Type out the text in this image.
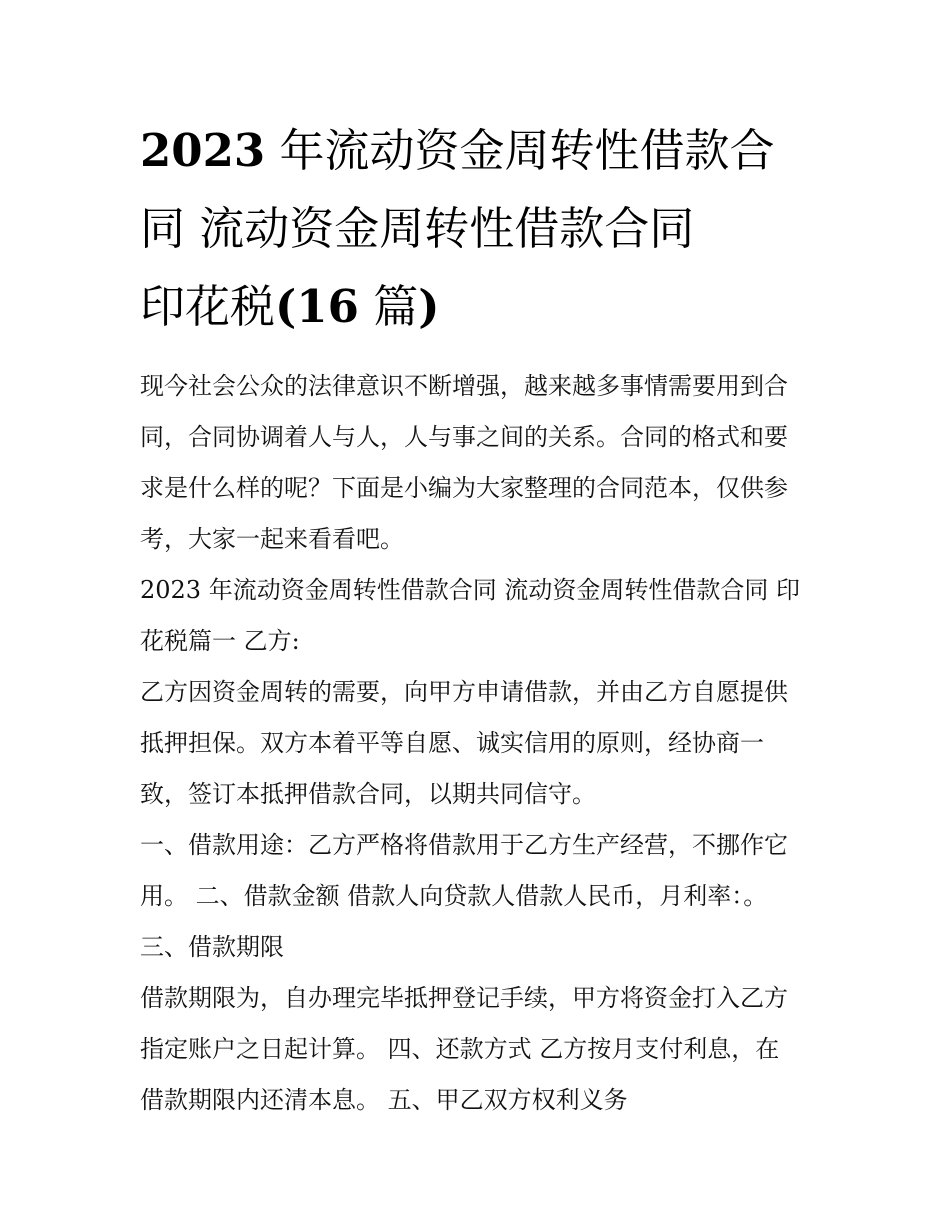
2023 年流动资金周转性借款合
同 流动资金周转性借款合同
印花税(16 篇)
现今社会公众的法律意识不断增强，越来越多事情需要用到合
同，合同协调着人与人，人与事之间的关系。合同的格式和要
求是什么样的呢？下面是小编为大家整理的合同范本，仅供参
考，大家一起来看看吧。
2023 年流动资金周转性借款合同 流动资金周转性借款合同 印
花税篇一 乙方:
乙方因资金周转的需要，向甲方申请借款，并由乙方自愿提供
抵押担保。双方本着平等自愿、诚实信用的原则，经协商一
致，签订本抵押借款合同，以期共同信守。
一、借款用途：乙方严格将借款用于乙方生产经营，不挪作它
用。 二、借款金额 借款人向贷款人借款人民币，月利率：。
三、借款期限
借款期限为，自办理完毕抵押登记手续，甲方将资金打入乙方
指定账户之日起计算。 四、还款方式 乙方按月支付利息，在
借款期限内还清本息。 五、甲乙双方权利义务
